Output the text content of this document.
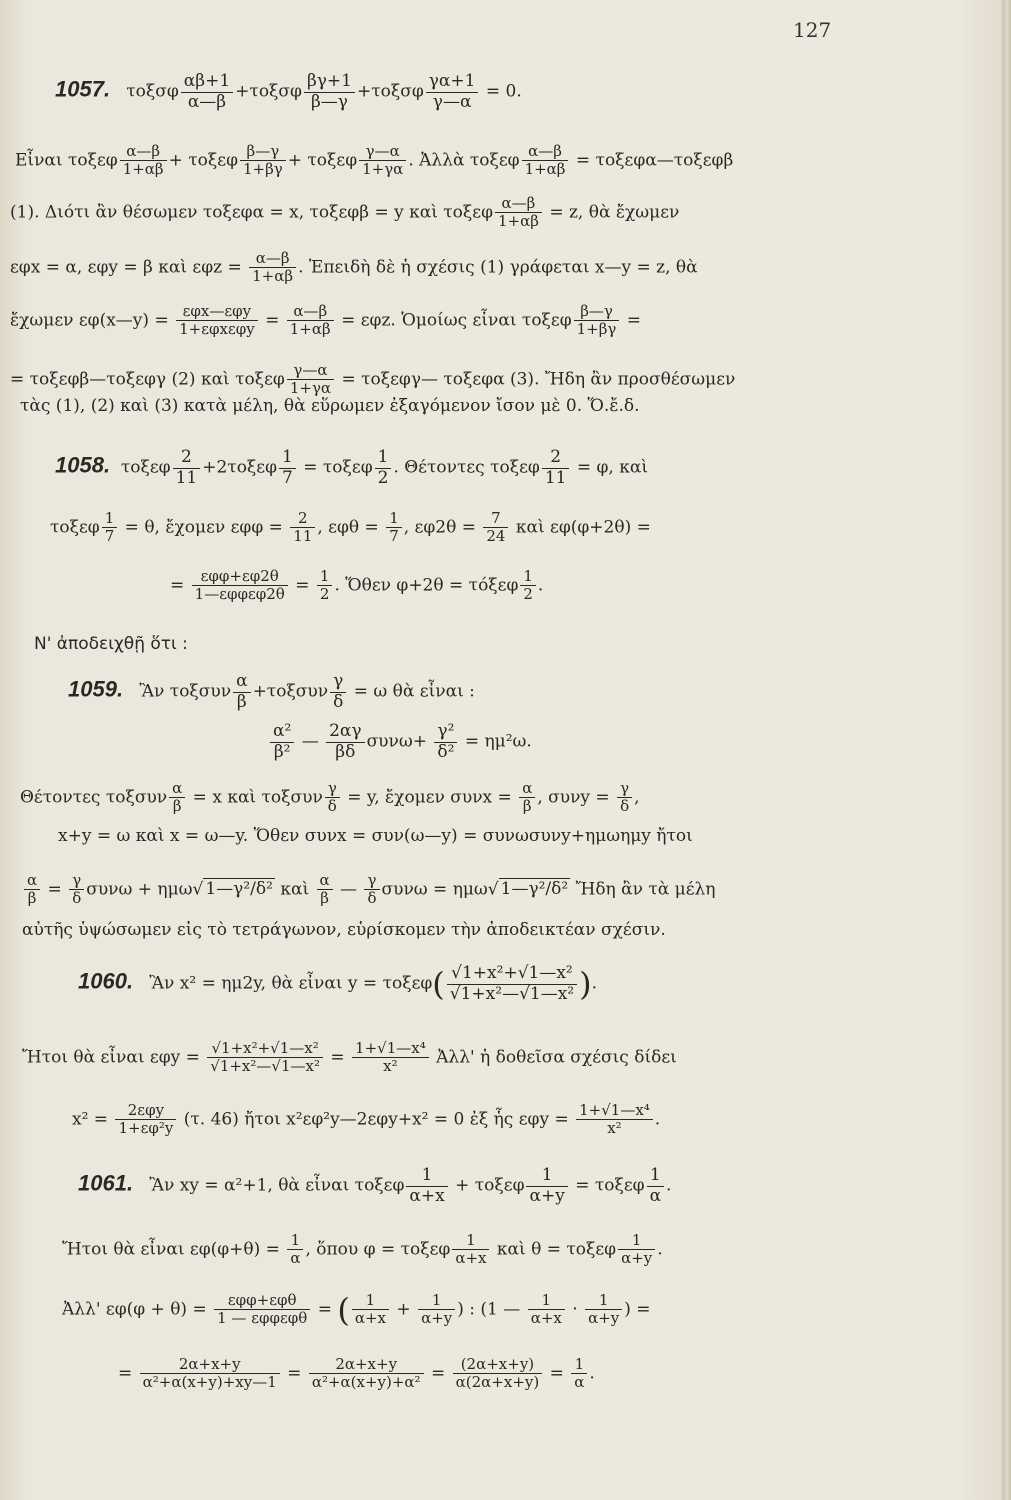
127
1057. τοξσφ $\frac{\alpha\beta+1}{\alpha—\beta} +\tau o\xi\sigma\varphi \frac{\beta\gamma+1}{\beta—\gamma} +\tau o\xi\sigma\varphi \frac{\gamma\alpha+1}{\gamma—\alpha} = 0$.
Εἶναι τοξεφ $\frac{\alpha—\beta}{1+\alpha\beta} + \tau o\xi\varepsilon\varphi \frac{\beta—\gamma}{1+\beta\gamma} + \tau o\xi\varepsilon\varphi \frac{\gamma—\alpha}{1+\gamma\alpha}$ . Ἀλλὰ τοξεφ $\frac{\alpha—\beta}{1+\alpha\beta}$ = τοξεφα—τοξεφβ
(1). Διότι ἂν θέσωμεν τοξεφα = x, τοξεφβ = y καὶ τοξεφ $\frac{\alpha—\beta}{1+\alpha\beta} = z$, θὰ ἔχωμεν
εφx = α, εφy = β καὶ $\varepsilon\varphi z = \frac{\alpha—\beta}{1+\alpha\beta}$ . Ἐπειδὴ δὲ ἡ σχέσις (1) γράφεται x—y = z, θὰ
ἔχωμεν εφ(x—y) = εφx—εφy
$1+\varepsilon\varphi x\varepsilon\varphi y = \frac{\alpha—\beta}{1+\alpha\beta} = \varepsilon\varphi z$. Ὁμοίως εἶναι τοξεφ $\frac{\beta—\gamma}{1+\beta\gamma}$ =
= τοξεφβ—τοξεφγ (2) καὶ τοξεφ $\frac{\gamma—\alpha}{1+\gamma\alpha}$ = τοξεφγ— τοξεφα (3). Ἤδη ἂν προσθέσωμεν
τὰς (1), (2) καὶ (3) κατὰ μέλη, θὰ εὕρωμεν ἐξαγόμενον ἴσον μὲ 0. Ὅ.ἔ.δ.
1058. τοξεφ $\frac{2}{11} +2\tau o\xi\varepsilon\varphi \frac{1}{7} = \tau o\xi\varepsilon\varphi \frac{1}{2}$ . Θέτοντες τοξεφ $\frac{2}{11} = \varphi$, καὶ
τοξεφ $\frac{1}{7} = \theta$, ἔχομεν $\varepsilon\varphi\varphi = \frac{2}{11}$ , $\varepsilon\varphi\theta = \frac{1}{7}$ , $\varepsilon\varphi 2\theta = \frac{7}{24}$ καὶ εφ(φ+2θ) =
= εφφ+εφ2θ
1—εφφεφ2θ = $\frac{1}{2}$ . Ὅθεν φ+2θ = τόξεφ $\frac{1}{2}$ .
Ν' ἀποδειχθῇ ὅτι :
1059. Ἂν τοξσυν $\frac{\alpha}{\beta} +\tau o\xi\sigma\upsilon\nu \frac{\gamma}{\delta} = \omega$ θὰ εἶναι :
$\frac{\text{α²}}{\text{β²}}$ — $\frac{2\alpha\gamma}{\beta\delta} \sigma\upsilon\nu\omega+ \frac{\text{γ²}}{\text{δ²}} = \eta\mu^2\omega$.
Θέτοντες τοξσυν $\frac{\alpha}{\beta} = x$ καὶ τοξσυν $\frac{\gamma}{\delta} = y$, ἔχομεν $\sigma\upsilon\nu x = \frac{\alpha}{\beta}$ , $\sigma\upsilon\nu y = \frac{\gamma}{\delta}$ ,
x+y = ω καὶ x = ω—y. Ὅθεν συνx = συν(ω—y) = συνωσυνy+ημωημy ἤτοι
$\frac{\alpha}{\beta} = \frac{\gamma}{\delta}$ συνω + ημω√ 1—γ²/δ² καὶ $\frac{\alpha}{\beta}$ — $\frac{\gamma}{\delta}$ συνω = ημω√ 1—γ²/δ² Ἤδη ἂν τὰ μέλη
αὐτῆς ὑψώσωμεν εἰς τὸ τετράγωνον, εὑρίσκομεν τὴν ἀποδεικτέαν σχέσιν.
1060. Ἂν x² = ημ2y, θὰ εἶναι $y = \tau o\xi\varepsilon\varphi( \frac{\text{√1+x²+√1—x²}}{\text{√1+x²—√1—x²}}$ ).
Ἤτοι θὰ εἶναι $\varepsilon\varphi y = \frac{\text{√1+x²+√1—x²}}{\text{√1+x²—√1—x²}} = \frac{\text{1+√1—x⁴}}{\text{x²}}$ Ἀλλ' ἡ δοθεῖσα σχέσις δίδει
x² = 2εφy
1+εφ²y (τ. 46) ἤτοι x²εφ²y—2εφy+x² = 0 ἐξ ἧς $\varepsilon\varphi y = \frac{\text{1+√1—x⁴}}{\text{x²}}$ .
1061. Ἂν xy = α²+1, θὰ εἶναι τοξεφ $\frac{1}{\alpha+x} + \tau o\xi\varepsilon\varphi \frac{1}{\alpha+y} = \tau o\xi\varepsilon\varphi \frac{1}{\alpha}$ .
Ἤτοι θὰ εἶναι $\varepsilon\varphi(\varphi+\theta) = \frac{1}{\alpha}$ , ὅπου φ = τοξεφ $\frac{1}{\alpha+x}$ καὶ θ = τοξεφ $\frac{1}{\alpha+y}$ .
Ἀλλ' εφ(φ + θ) =	εφφ+εφθ
1 — εφφεφθ = ( $\frac{1}{\alpha+x} + \frac{1}{\alpha+y}$ ) : (1 — $\frac{1}{\alpha+x} \cdot \frac{1}{\alpha+y}$ ) =
= $\frac{2\alpha+x+y}{\text{α²+α(x+y)+xy—1}} = \frac{2\alpha+x+y}{\text{α²+α(x+y)+α²}} = \frac{(2\alpha+x+y)}{\alpha(2\alpha+x+y)} = \frac{1}{\alpha}$ .
